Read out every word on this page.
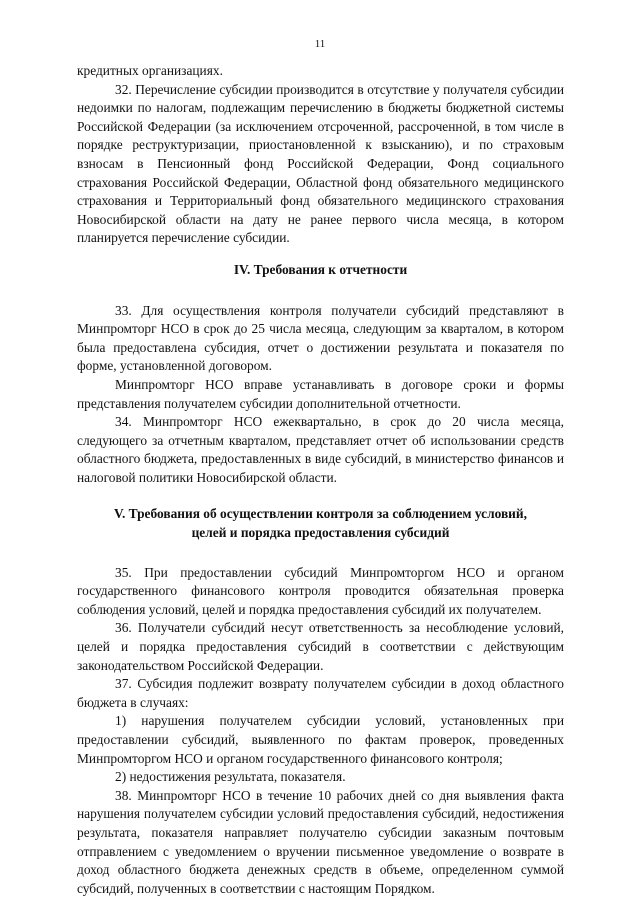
11

кредитных организациях.

32. Перечисление субсидии производится в отсутствие у получателя субсидии недоимки по налогам, подлежащим перечислению в бюджеты бюджетной системы Российской Федерации (за исключением отсроченной, рассроченной, в том числе в порядке реструктуризации, приостановленной к взысканию), и по страховым взносам в Пенсионный фонд Российской Федерации, Фонд социального страхования Российской Федерации, Областной фонд обязательного медицинского страхования и Территориальный фонд обязательного медицинского страхования Новосибирской области на дату не ранее первого числа месяца, в котором планируется перечисление субсидии.

IV. Требования к отчетности

33. Для осуществления контроля получатели субсидий представляют в Минпромторг НСО в срок до 25 числа месяца, следующим за кварталом, в котором была предоставлена субсидия, отчет о достижении результата и показателя по форме, установленной договором.

Минпромторг НСО вправе устанавливать в договоре сроки и формы представления получателем субсидии дополнительной отчетности.

34. Минпромторг НСО ежеквартально, в срок до 20 числа месяца, следующего за отчетным кварталом, представляет отчет об использовании средств областного бюджета, предоставленных в виде субсидий, в министерство финансов и налоговой политики Новосибирской области.

V. Требования об осуществлении контроля за соблюдением условий,
целей и порядка предоставления субсидий

35. При предоставлении субсидий Минпромторгом НСО и органом государственного финансового контроля проводится обязательная проверка соблюдения условий, целей и порядка предоставления субсидий их получателем.

36. Получатели субсидий несут ответственность за несоблюдение условий, целей и порядка предоставления субсидий в соответствии с действующим законодательством Российской Федерации.

37. Субсидия подлежит возврату получателем субсидии в доход областного бюджета в случаях:

1) нарушения получателем субсидии условий, установленных при предоставлении субсидий, выявленного по фактам проверок, проведенных Минпромторгом НСО и органом государственного финансового контроля;

2) недостижения результата, показателя.

38. Минпромторг НСО в течение 10 рабочих дней со дня выявления факта нарушения получателем субсидии условий предоставления субсидий, недостижения результата, показателя направляет получателю субсидии заказным почтовым отправлением с уведомлением о вручении письменное уведомление о возврате в доход областного бюджета денежных средств в объеме, определенном суммой субсидий, полученных в соответствии с настоящим Порядком.
